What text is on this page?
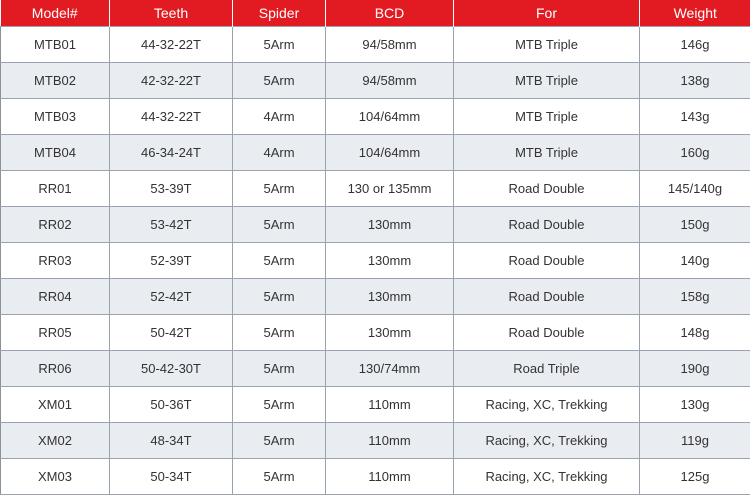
Model#	Teeth	Spider	BCD	For	Weight
MTB01	44-32-22T	5Arm	94/58mm	MTB Triple	146g
MTB02	42-32-22T	5Arm	94/58mm	MTB Triple	138g
MTB03	44-32-22T	4Arm	104/64mm	MTB Triple	143g
MTB04	46-34-24T	4Arm	104/64mm	MTB Triple	160g
RR01	53-39T	5Arm	130 or 135mm	Road Double	145/140g
RR02	53-42T	5Arm	130mm	Road Double	150g
RR03	52-39T	5Arm	130mm	Road Double	140g
RR04	52-42T	5Arm	130mm	Road Double	158g
RR05	50-42T	5Arm	130mm	Road Double	148g
RR06	50-42-30T	5Arm	130/74mm	Road Triple	190g
XM01	50-36T	5Arm	110mm	Racing, XC, Trekking	130g
XM02	48-34T	5Arm	110mm	Racing, XC, Trekking	119g
XM03	50-34T	5Arm	110mm	Racing, XC, Trekking	125g
